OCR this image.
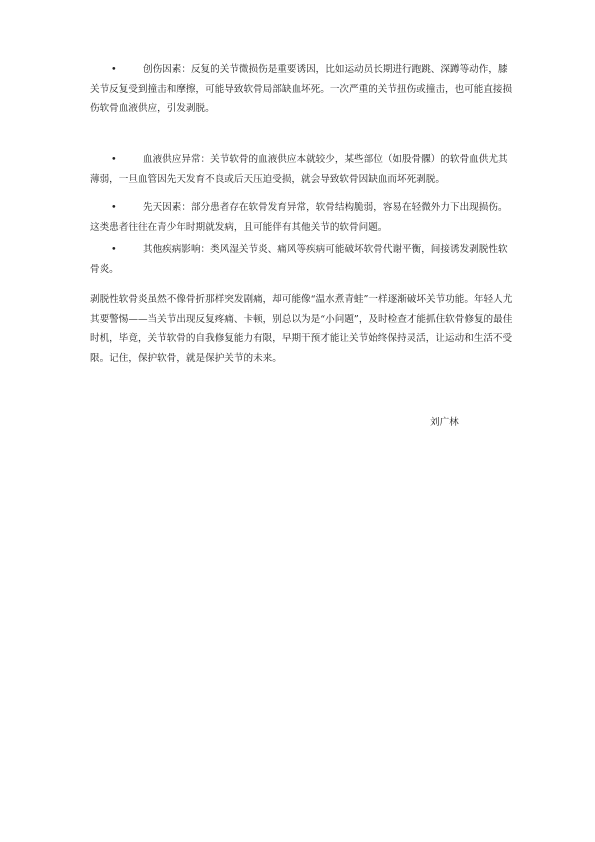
•	创伤因素：反复的关节微损伤是重要诱因，比如运动员长期进行跑跳、深蹲等动作，膝关节反复受到撞击和摩擦，可能导致软骨局部缺血坏死。一次严重的关节扭伤或撞击，也可能直接损伤软骨血液供应，引发剥脱。

•	血液供应异常：关节软骨的血液供应本就较少，某些部位（如股骨髁）的软骨血供尤其薄弱，一旦血管因先天发育不良或后天压迫受损，就会导致软骨因缺血而坏死剥脱。

•	先天因素：部分患者存在软骨发育异常，软骨结构脆弱，容易在轻微外力下出现损伤。这类患者往往在青少年时期就发病，且可能伴有其他关节的软骨问题。

•	其他疾病影响：类风湿关节炎、痛风等疾病可能破坏软骨代谢平衡，间接诱发剥脱性软骨炎。

剥脱性软骨炎虽然不像骨折那样突发剧痛，却可能像“温水煮青蛙”一样逐渐破坏关节功能。年轻人尤其要警惕——当关节出现反复疼痛、卡顿，别总以为是“小问题”，及时检查才能抓住软骨修复的最佳时机，毕竟，关节软骨的自我修复能力有限，早期干预才能让关节始终保持灵活，让运动和生活不受限。记住，保护软骨，就是保护关节的未来。

刘广林
